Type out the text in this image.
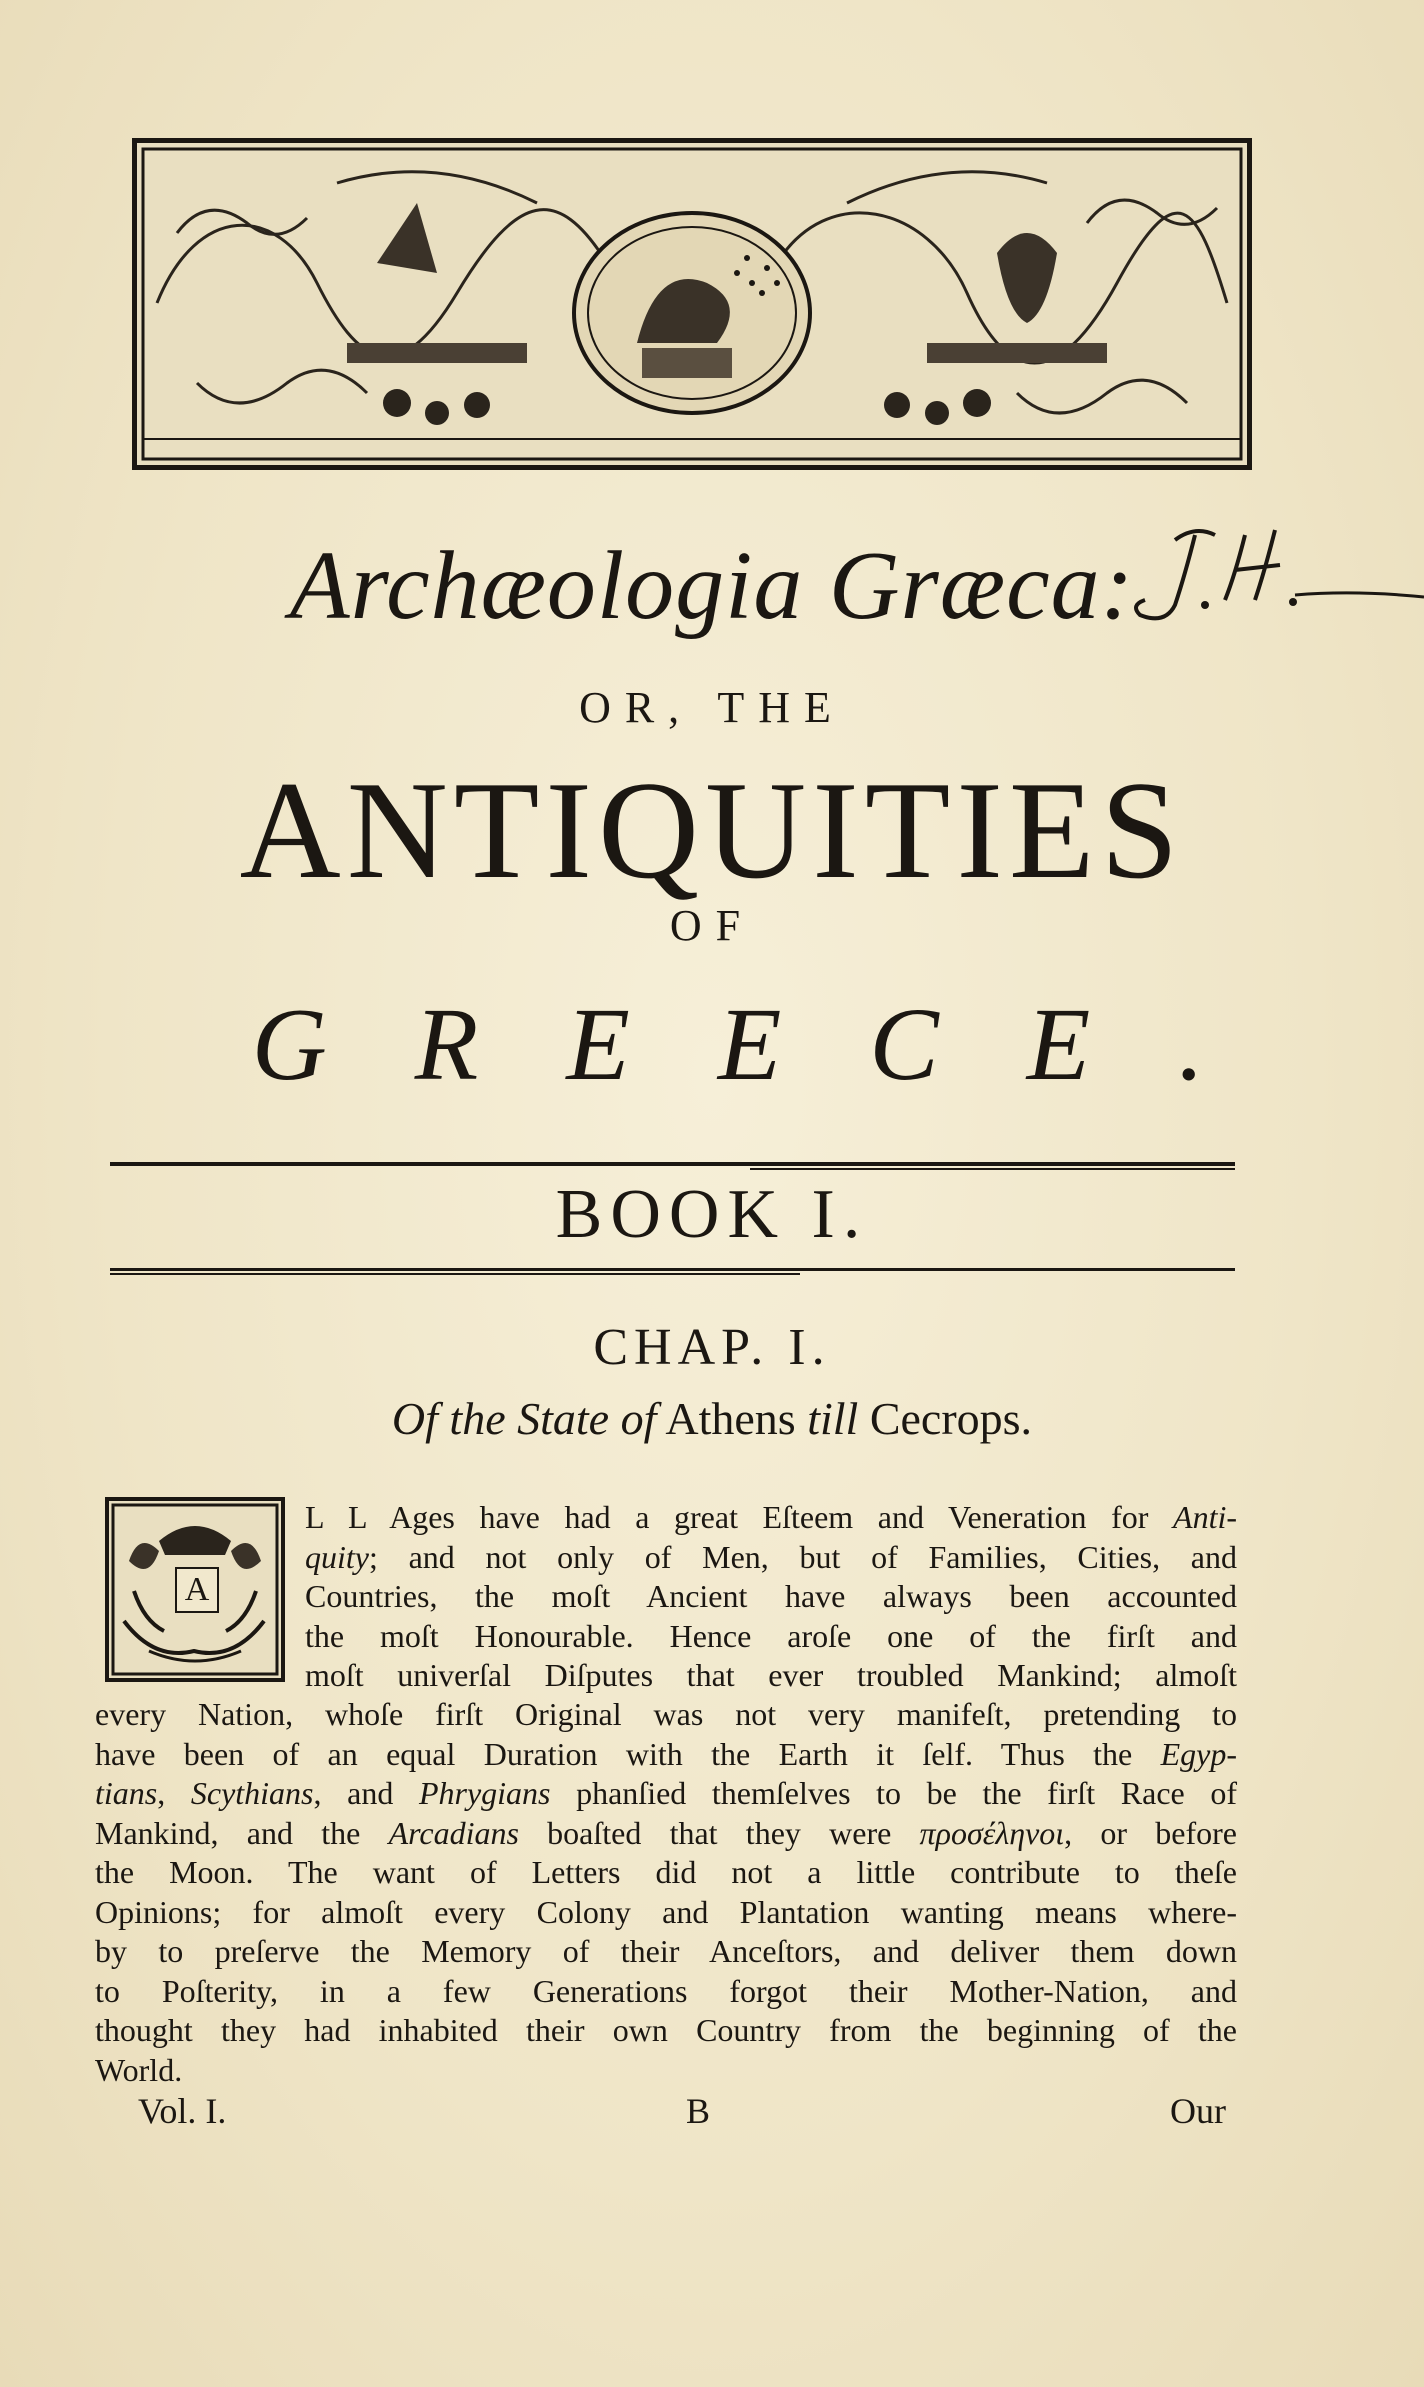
Archæologia Græca:

OR, THE

ANTIQUITIES

OF

GREECE.

BOOK I.

CHAP. I.

Of the State of Athens till Cecrops.

A
L L Ages have had a great Eſteem and Veneration for Anti-
quity; and not only of Men, but of Families, Cities, and
Countries, the moſt Ancient have always been accounted
the moſt Honourable. Hence aroſe one of the firſt and
moſt univerſal Diſputes that ever troubled Mankind; almoſt
every Nation, whoſe firſt Original was not very manifeſt, pretending to
have been of an equal Duration with the Earth it ſelf. Thus the Egyp-
tians, Scythians, and Phrygians phanſied themſelves to be the firſt Race of
Mankind, and the Arcadians boaſted that they were προσέληνοι, or before
the Moon. The want of Letters did not a little contribute to theſe
Opinions; for almoſt every Colony and Plantation wanting means where-
by to preſerve the Memory of their Anceſtors, and deliver them down
to Poſterity, in a few Generations forgot their Mother-Nation, and
thought they had inhabited their own Country from the beginning of the
World.
Vol. I.	B	Our
